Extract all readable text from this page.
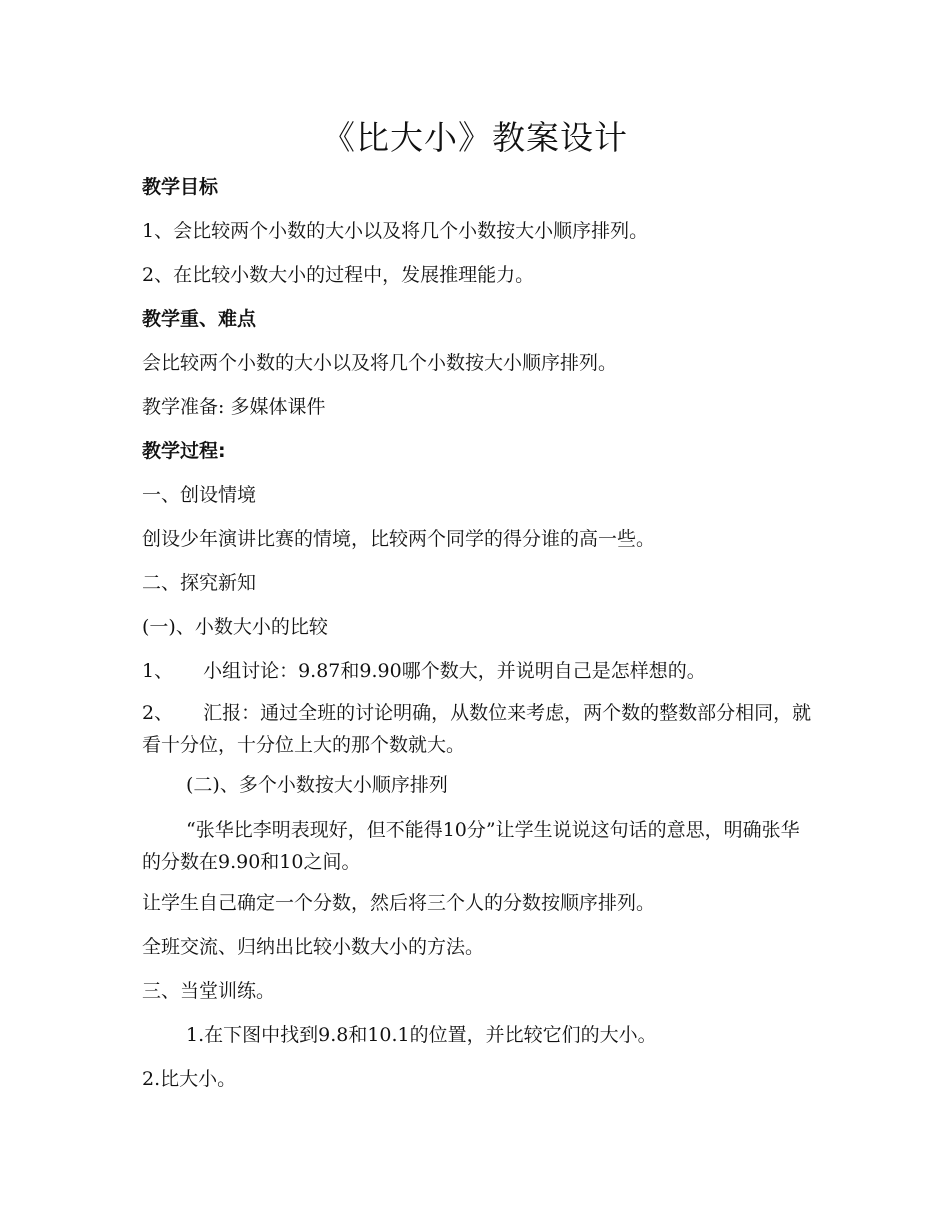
《比大小》教案设计

教学目标

1、会比较两个小数的大小以及将几个小数按大小顺序排列。

2、在比较小数大小的过程中，发展推理能力。

教学重、难点

会比较两个小数的大小以及将几个小数按大小顺序排列。

教学准备: 多媒体课件

教学过程:

一、创设情境

创设少年演讲比赛的情境，比较两个同学的得分谁的高一些。

二、探究新知

(一)、小数大小的比较

1、 小组讨论：9.87和9.90哪个数大，并说明自己是怎样想的。

2、 汇报：通过全班的讨论明确，从数位来考虑，两个数的整数部分相同，就看十分位，十分位上大的那个数就大。

(二)、多个小数按大小顺序排列

“张华比李明表现好，但不能得10分”让学生说说这句话的意思，明确张华的分数在9.90和10之间。

让学生自己确定一个分数，然后将三个人的分数按顺序排列。

全班交流、归纳出比较小数大小的方法。

三、当堂训练。

1.在下图中找到9.8和10.1的位置，并比较它们的大小。

2.比大小。
